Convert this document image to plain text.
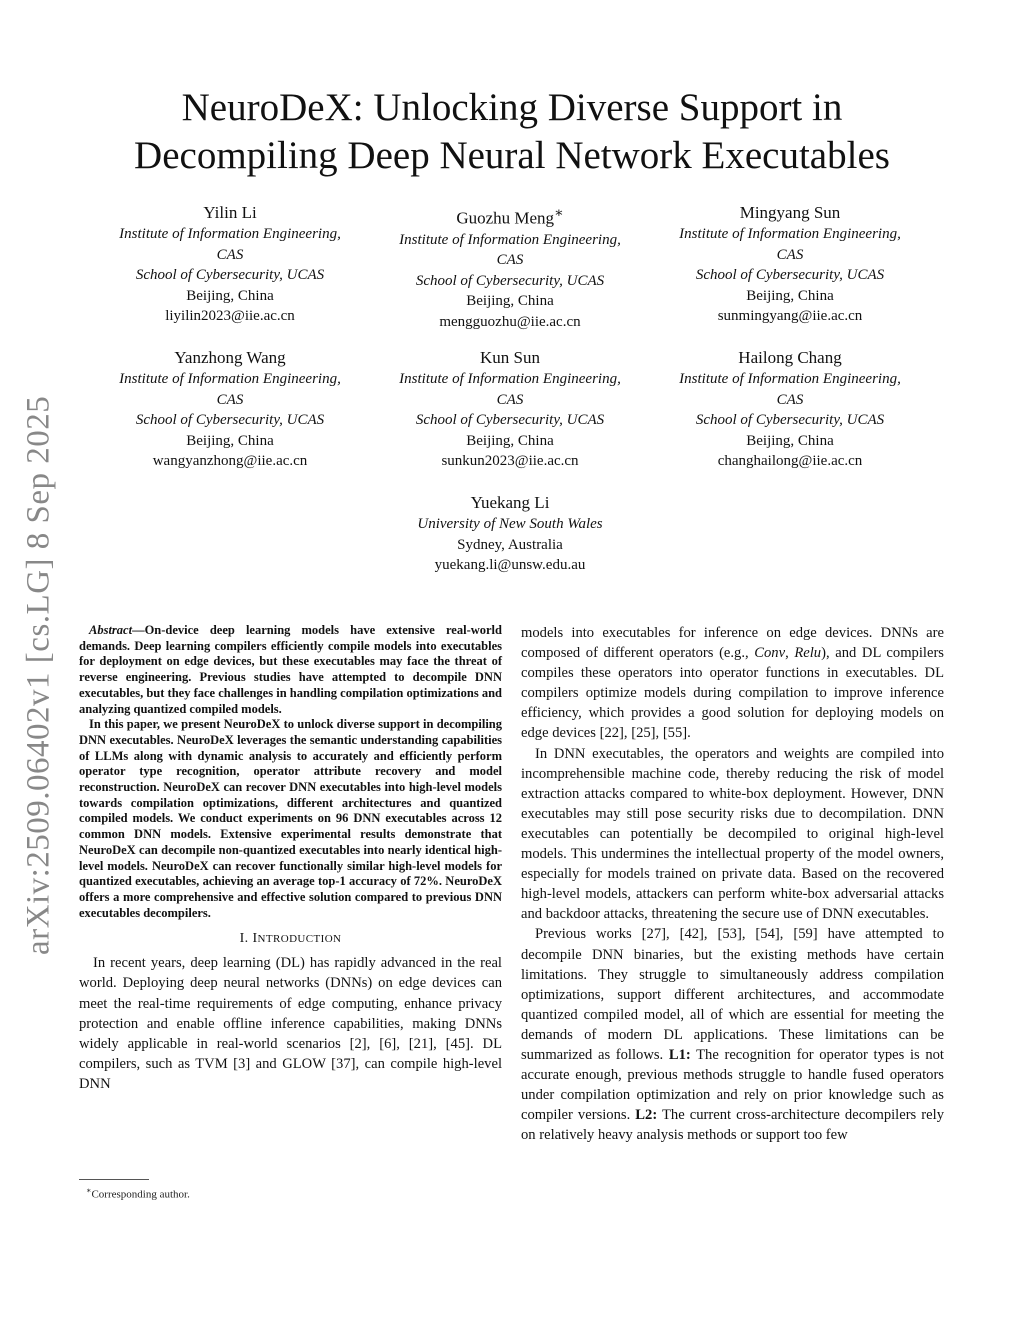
arXiv:2509.06402v1 [cs.LG] 8 Sep 2025
NeuroDeX: Unlocking Diverse Support in
Decompiling Deep Neural Network Executables
Yilin Li
Institute of Information Engineering,
CAS
School of Cybersecurity, UCAS
Beijing, China
liyilin2023@iie.ac.cn
Guozhu Meng∗
Institute of Information Engineering,
CAS
School of Cybersecurity, UCAS
Beijing, China
mengguozhu@iie.ac.cn
Mingyang Sun
Institute of Information Engineering,
CAS
School of Cybersecurity, UCAS
Beijing, China
sunmingyang@iie.ac.cn
Yanzhong Wang
Institute of Information Engineering,
CAS
School of Cybersecurity, UCAS
Beijing, China
wangyanzhong@iie.ac.cn
Kun Sun
Institute of Information Engineering,
CAS
School of Cybersecurity, UCAS
Beijing, China
sunkun2023@iie.ac.cn
Hailong Chang
Institute of Information Engineering,
CAS
School of Cybersecurity, UCAS
Beijing, China
changhailong@iie.ac.cn
Yuekang Li
University of New South Wales
Sydney, Australia
yuekang.li@unsw.edu.au

Abstract—On-device deep learning models have extensive real-world demands. Deep learning compilers efficiently compile models into executables for deployment on edge devices, but these executables may face the threat of reverse engineering. Previous studies have attempted to decompile DNN executables, but they face challenges in handling compilation optimizations and analyzing quantized compiled models.

In this paper, we present NeuroDeX to unlock diverse support in decompiling DNN executables. NeuroDeX leverages the semantic understanding capabilities of LLMs along with dynamic analysis to accurately and efficiently perform operator type recognition, operator attribute recovery and model reconstruction. NeuroDeX can recover DNN executables into high-level models towards compilation optimizations, different architectures and quantized compiled models. We conduct experiments on 96 DNN executables across 12 common DNN models. Extensive experimental results demonstrate that NeuroDeX can decompile non-quantized executables into nearly identical high-level models. NeuroDeX can recover functionally similar high-level models for quantized executables, achieving an average top-1 accuracy of 72%. NeuroDeX offers a more comprehensive and effective solution compared to previous DNN executables decompilers.

I. INTRODUCTION

In recent years, deep learning (DL) has rapidly advanced in the real world. Deploying deep neural networks (DNNs) on edge devices can meet the real-time requirements of edge computing, enhance privacy protection and enable offline inference capabilities, making DNNs widely applicable in real-world scenarios [2], [6], [21], [45]. DL compilers, such as TVM [3] and GLOW [37], can compile high-level DNN

∗Corresponding author.

models into executables for inference on edge devices. DNNs are composed of different operators (e.g., Conv, Relu), and DL compilers compiles these operators into operator functions in executables. DL compilers optimize models during compilation to improve inference efficiency, which provides a good solution for deploying models on edge devices [22], [25], [55].

In DNN executables, the operators and weights are compiled into incomprehensible machine code, thereby reducing the risk of model extraction attacks compared to white-box deployment. However, DNN executables may still pose security risks due to decompilation. DNN executables can potentially be decompiled to original high-level models. This undermines the intellectual property of the model owners, especially for models trained on private data. Based on the recovered high-level models, attackers can perform white-box adversarial attacks and backdoor attacks, threatening the secure use of DNN executables.

Previous works [27], [42], [53], [54], [59] have attempted to decompile DNN binaries, but the existing methods have certain limitations. They struggle to simultaneously address compilation optimizations, support different architectures, and accommodate quantized compiled model, all of which are essential for meeting the demands of modern DL applications. These limitations can be summarized as follows. L1: The recognition for operator types is not accurate enough, previous methods struggle to handle fused operators under compilation optimization and rely on prior knowledge such as compiler versions. L2: The current cross-architecture decompilers rely on relatively heavy analysis methods or support too few
